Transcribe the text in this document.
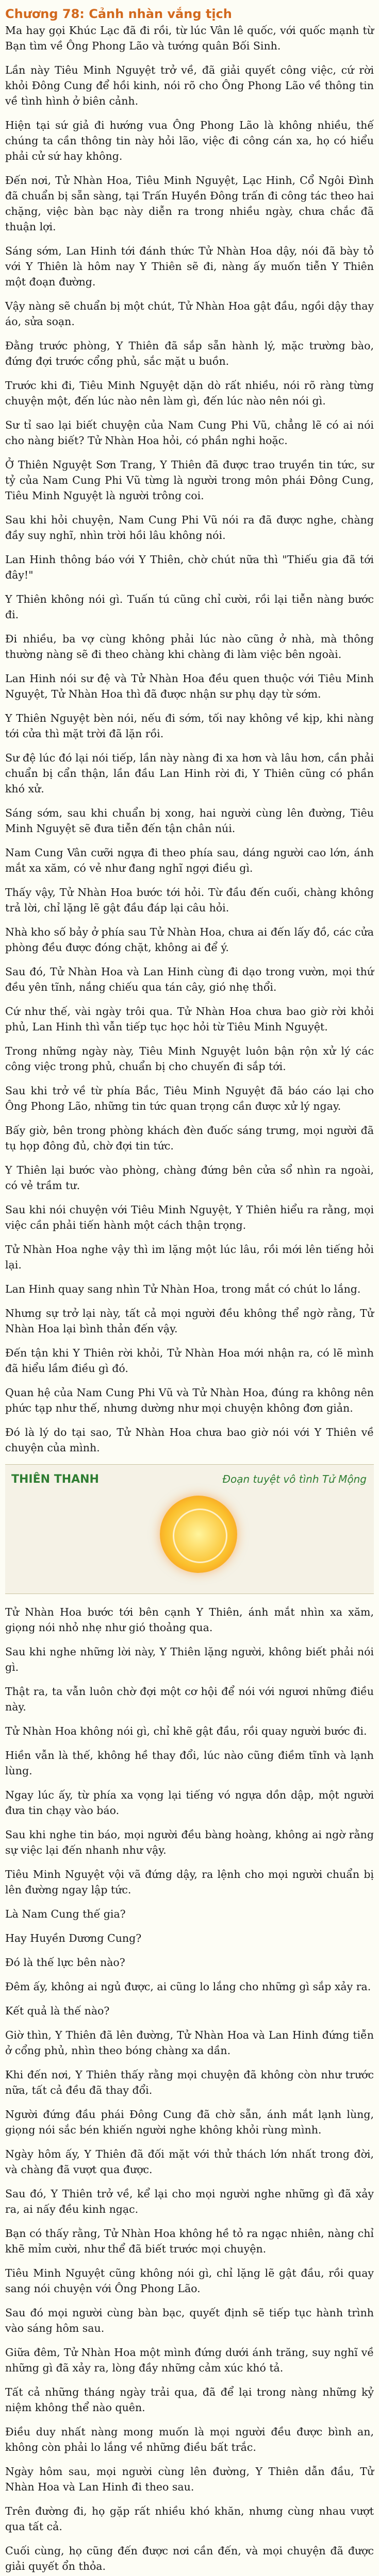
Chương 78: Cảnh nhàn vắng tịch

Ma hay gọi Khúc Lạc đã đi rồi, từ lúc Vân lê quốc, với quốc mạnh từ Bạn tìm về Ông Phong Lão và tướng quân Bối Sinh.

Lần này Tiêu Minh Nguyệt trở về, đã giải quyết công việc, cứ rời khỏi Đông Cung để hồi kinh, nói rõ cho Ông Phong Lão về thông tin về tình hình ở biên cảnh.

Hiện tại sứ giả đi hướng vua Ông Phong Lão là không nhiều, thế chúng ta cần thông tin này hỏi lão, việc đi công cán xa, họ có hiểu phải cử sứ hay không.

Đến nơi, Tử Nhàn Hoa, Tiêu Minh Nguyệt, Lạc Hinh, Cổ Ngôi Đình đã chuẩn bị sẵn sàng, tại Trấn Huyền Đông trấn đi công tác theo hai chặng, việc bàn bạc này diễn ra trong nhiều ngày, chưa chắc đã thuận lợi.

Sáng sớm, Lan Hinh tới đánh thức Tử Nhàn Hoa dậy, nói đã bày tỏ với Y Thiên là hôm nay Y Thiên sẽ đi, nàng ấy muốn tiễn Y Thiên một đoạn đường.

Vậy nàng sẽ chuẩn bị một chút, Tử Nhàn Hoa gật đầu, ngồi dậy thay áo, sửa soạn.

Đằng trước phòng, Y Thiên đã sắp sẵn hành lý, mặc trường bào, đứng đợi trước cổng phủ, sắc mặt u buồn.

Trước khi đi, Tiêu Minh Nguyệt dặn dò rất nhiều, nói rõ ràng từng chuyện một, đến lúc nào nên làm gì, đến lúc nào nên nói gì.

Sư tỉ sao lại biết chuyện của Nam Cung Phi Vũ, chẳng lẽ có ai nói cho nàng biết? Tử Nhàn Hoa hỏi, có phần nghi hoặc.

Ở Thiên Nguyệt Sơn Trang, Y Thiên đã được trao truyền tin tức, sư tỷ của Nam Cung Phi Vũ từng là người trong môn phái Đông Cung, Tiêu Minh Nguyệt là người trông coi.

Sau khi hỏi chuyện, Nam Cung Phi Vũ nói ra đã được nghe, chàng đầy suy nghĩ, nhìn trời hồi lâu không nói.

Lan Hinh thông báo với Y Thiên, chờ chút nữa thì "Thiếu gia đã tới đây!"

Y Thiên không nói gì. Tuấn tú cũng chỉ cười, rồi lại tiễn nàng bước đi.

Đi nhiều, ba vợ cùng không phải lúc nào cũng ở nhà, mà thông thường nàng sẽ đi theo chàng khi chàng đi làm việc bên ngoài.

Lan Hinh nói sư đệ và Tử Nhàn Hoa đều quen thuộc với Tiêu Minh Nguyệt, Tử Nhàn Hoa thì đã được nhận sư phụ dạy từ sớm.

Y Thiên Nguyệt bèn nói, nếu đi sớm, tối nay không về kịp, khi nàng tới cửa thì mặt trời đã lặn rồi.

Sư đệ lúc đó lại nói tiếp, lần này nàng đi xa hơn và lâu hơn, cần phải chuẩn bị cẩn thận, lần đầu Lan Hinh rời đi, Y Thiên cũng có phần khó xử.

Sáng sớm, sau khi chuẩn bị xong, hai người cùng lên đường, Tiêu Minh Nguyệt sẽ đưa tiễn đến tận chân núi.

Nam Cung Vân cưỡi ngựa đi theo phía sau, dáng người cao lớn, ánh mắt xa xăm, có vẻ như đang nghĩ ngợi điều gì.

Thấy vậy, Tử Nhàn Hoa bước tới hỏi. Từ đầu đến cuối, chàng không trả lời, chỉ lặng lẽ gật đầu đáp lại câu hỏi.

Nhà kho số bảy ở phía sau Tử Nhàn Hoa, chưa ai đến lấy đồ, các cửa phòng đều được đóng chặt, không ai để ý.

Sau đó, Tử Nhàn Hoa và Lan Hinh cùng đi dạo trong vườn, mọi thứ đều yên tĩnh, nắng chiếu qua tán cây, gió nhẹ thổi.

Cứ như thế, vài ngày trôi qua. Tử Nhàn Hoa chưa bao giờ rời khỏi phủ, Lan Hinh thì vẫn tiếp tục học hỏi từ Tiêu Minh Nguyệt.

Trong những ngày này, Tiêu Minh Nguyệt luôn bận rộn xử lý các công việc trong phủ, chuẩn bị cho chuyến đi sắp tới.

Sau khi trở về từ phía Bắc, Tiêu Minh Nguyệt đã báo cáo lại cho Ông Phong Lão, những tin tức quan trọng cần được xử lý ngay.

Bấy giờ, bên trong phòng khách đèn đuốc sáng trưng, mọi người đã tụ họp đông đủ, chờ đợi tin tức.

Y Thiên lại bước vào phòng, chàng đứng bên cửa sổ nhìn ra ngoài, có vẻ trầm tư.

Sau khi nói chuyện với Tiêu Minh Nguyệt, Y Thiên hiểu ra rằng, mọi việc cần phải tiến hành một cách thận trọng.

Tử Nhàn Hoa nghe vậy thì im lặng một lúc lâu, rồi mới lên tiếng hỏi lại.

Lan Hinh quay sang nhìn Tử Nhàn Hoa, trong mắt có chút lo lắng.

Nhưng sự trở lại này, tất cả mọi người đều không thể ngờ rằng, Tử Nhàn Hoa lại bình thản đến vậy.

Đến tận khi Y Thiên rời khỏi, Tử Nhàn Hoa mới nhận ra, có lẽ mình đã hiểu lầm điều gì đó.

Quan hệ của Nam Cung Phi Vũ và Tử Nhàn Hoa, đúng ra không nên phức tạp như thế, nhưng dường như mọi chuyện không đơn giản.

Đó là lý do tại sao, Tử Nhàn Hoa chưa bao giờ nói với Y Thiên về chuyện của mình.

THIÊN THANH	Đoạn tuyệt vô tình Tử Mộng

Tử Nhàn Hoa bước tới bên cạnh Y Thiên, ánh mắt nhìn xa xăm, giọng nói nhỏ nhẹ như gió thoảng qua.

Sau khi nghe những lời này, Y Thiên lặng người, không biết phải nói gì.

Thật ra, ta vẫn luôn chờ đợi một cơ hội để nói với ngươi những điều này.

Tử Nhàn Hoa không nói gì, chỉ khẽ gật đầu, rồi quay người bước đi.

Hiền vẫn là thế, không hề thay đổi, lúc nào cũng điềm tĩnh và lạnh lùng.

Ngay lúc ấy, từ phía xa vọng lại tiếng vó ngựa dồn dập, một người đưa tin chạy vào báo.

Sau khi nghe tin báo, mọi người đều bàng hoàng, không ai ngờ rằng sự việc lại đến nhanh như vậy.

Tiêu Minh Nguyệt vội vã đứng dậy, ra lệnh cho mọi người chuẩn bị lên đường ngay lập tức.

Là Nam Cung thế gia?

Hay Huyền Dương Cung?

Đó là thế lực bên nào?

Đêm ấy, không ai ngủ được, ai cũng lo lắng cho những gì sắp xảy ra.

Kết quả là thế nào?

Giờ thìn, Y Thiên đã lên đường, Tử Nhàn Hoa và Lan Hinh đứng tiễn ở cổng phủ, nhìn theo bóng chàng xa dần.

Khi đến nơi, Y Thiên thấy rằng mọi chuyện đã không còn như trước nữa, tất cả đều đã thay đổi.

Người đứng đầu phái Đông Cung đã chờ sẵn, ánh mắt lạnh lùng, giọng nói sắc bén khiến người nghe không khỏi rùng mình.

Ngày hôm ấy, Y Thiên đã đối mặt với thử thách lớn nhất trong đời, và chàng đã vượt qua được.

Sau đó, Y Thiên trở về, kể lại cho mọi người nghe những gì đã xảy ra, ai nấy đều kinh ngạc.

Bạn có thấy rằng, Tử Nhàn Hoa không hề tỏ ra ngạc nhiên, nàng chỉ khẽ mỉm cười, như thể đã biết trước mọi chuyện.

Tiêu Minh Nguyệt cũng không nói gì, chỉ lặng lẽ gật đầu, rồi quay sang nói chuyện với Ông Phong Lão.

Sau đó mọi người cùng bàn bạc, quyết định sẽ tiếp tục hành trình vào sáng hôm sau.

Giữa đêm, Tử Nhàn Hoa một mình đứng dưới ánh trăng, suy nghĩ về những gì đã xảy ra, lòng đầy những cảm xúc khó tả.

Tất cả những tháng ngày trải qua, đã để lại trong nàng những kỷ niệm không thể nào quên.

Điều duy nhất nàng mong muốn là mọi người đều được bình an, không còn phải lo lắng về những điều bất trắc.

Ngày hôm sau, mọi người cùng lên đường, Y Thiên dẫn đầu, Tử Nhàn Hoa và Lan Hinh đi theo sau.

Trên đường đi, họ gặp rất nhiều khó khăn, nhưng cùng nhau vượt qua tất cả.

Cuối cùng, họ cũng đến được nơi cần đến, và mọi chuyện đã được giải quyết ổn thỏa.
